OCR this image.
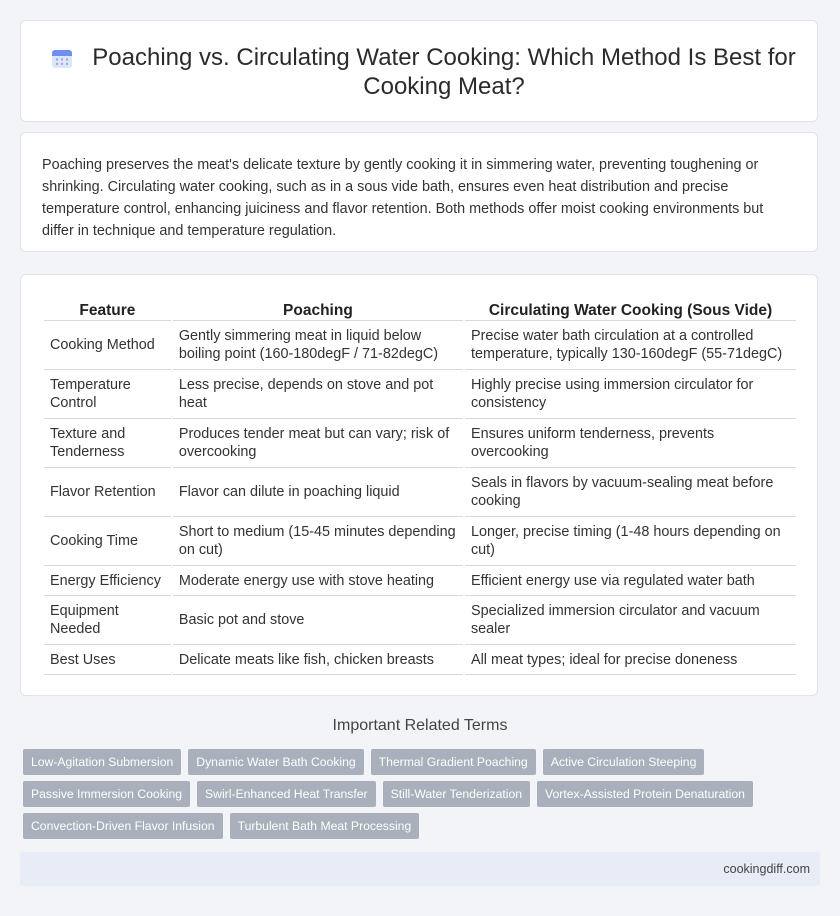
Poaching vs. Circulating Water Cooking: Which Method Is Best for Cooking Meat?

Poaching preserves the meat's delicate texture by gently cooking it in simmering water, preventing toughening or shrinking. Circulating water cooking, such as in a sous vide bath, ensures even heat distribution and precise temperature control, enhancing juiciness and flavor retention. Both methods offer moist cooking environments but differ in technique and temperature regulation.

Feature	Poaching	Circulating Water Cooking (Sous Vide)
Cooking Method	Gently simmering meat in liquid below boiling point (160-180degF / 71-82degC)	Precise water bath circulation at a controlled temperature, typically 130-160degF (55-71degC)
Temperature Control	Less precise, depends on stove and pot heat	Highly precise using immersion circulator for consistency
Texture and Tenderness	Produces tender meat but can vary; risk of overcooking	Ensures uniform tenderness, prevents overcooking
Flavor Retention	Flavor can dilute in poaching liquid	Seals in flavors by vacuum-sealing meat before cooking
Cooking Time	Short to medium (15-45 minutes depending on cut)	Longer, precise timing (1-48 hours depending on cut)
Energy Efficiency	Moderate energy use with stove heating	Efficient energy use via regulated water bath
Equipment Needed	Basic pot and stove	Specialized immersion circulator and vacuum sealer
Best Uses	Delicate meats like fish, chicken breasts	All meat types; ideal for precise doneness
Important Related Terms
Low-Agitation Submersion	Dynamic Water Bath Cooking	Thermal Gradient Poaching	Active Circulation Steeping
Passive Immersion Cooking	Swirl-Enhanced Heat Transfer	Still-Water Tenderization	Vortex-Assisted Protein Denaturation
Convection-Driven Flavor Infusion	Turbulent Bath Meat Processing
cookingdiff.com
